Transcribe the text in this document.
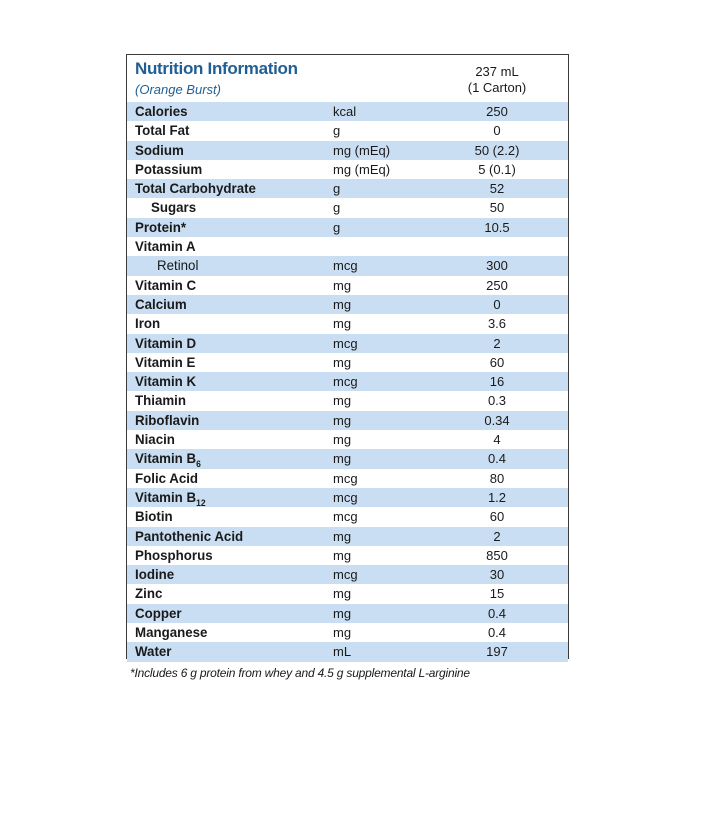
Nutrition Information
(Orange Burst)
237 mL
(1 Carton)
Calories	kcal	250
Total Fat	g	0
Sodium	mg (mEq)	50 (2.2)
Potassium	mg (mEq)	5 (0.1)
Total Carbohydrate	g	52
Sugars	g	50
Protein*	g	10.5
Vitamin A
Retinol	mcg	300
Vitamin C	mg	250
Calcium	mg	0
Iron	mg	3.6
Vitamin D	mcg	2
Vitamin E	mg	60
Vitamin K	mcg	16
Thiamin	mg	0.3
Riboflavin	mg	0.34
Niacin	mg	4
Vitamin $B_6$	mg	0.4
Folic Acid	mcg	80
Vitamin $B_{12}$	mcg	1.2
Biotin	mcg	60
Pantothenic Acid	mg	2
Phosphorus	mg	850
Iodine	mcg	30
Zinc	mg	15
Copper	mg	0.4
Manganese	mg	0.4
Water	mL	197
*Includes 6 g protein from whey and 4.5 g supplemental L-arginine
